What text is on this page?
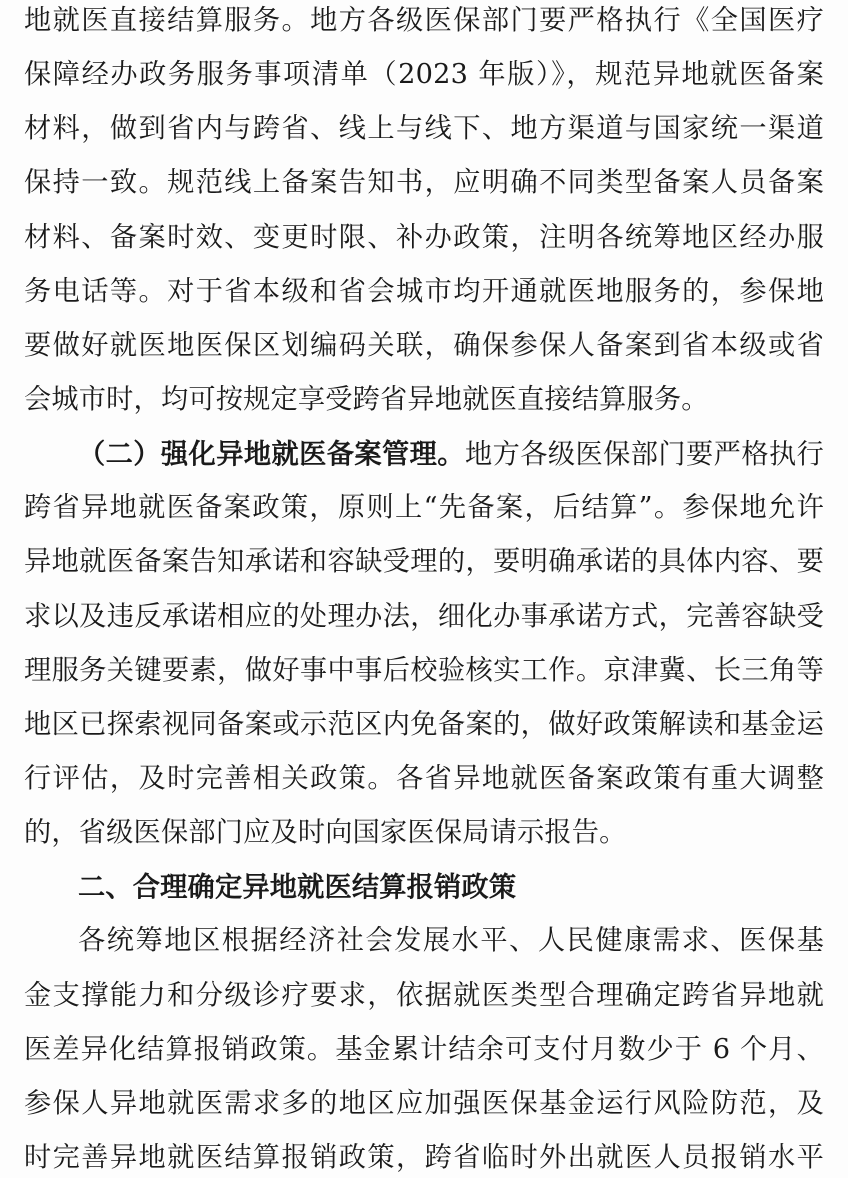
地就医直接结算服务。地方各级医保部门要严格执行《全国医疗
保障经办政务服务事项清单（2023 年版）》，规范异地就医备案
材料，做到省内与跨省、线上与线下、地方渠道与国家统一渠道
保持一致。规范线上备案告知书，应明确不同类型备案人员备案
材料、备案时效、变更时限、补办政策，注明各统筹地区经办服
务电话等。对于省本级和省会城市均开通就医地服务的，参保地
要做好就医地医保区划编码关联，确保参保人备案到省本级或省
会城市时，均可按规定享受跨省异地就医直接结算服务。
（二）强化异地就医备案管理。地方各级医保部门要严格执行
跨省异地就医备案政策，原则上“先备案，后结算”。参保地允许
异地就医备案告知承诺和容缺受理的，要明确承诺的具体内容、要
求以及违反承诺相应的处理办法，细化办事承诺方式，完善容缺受
理服务关键要素，做好事中事后校验核实工作。京津冀、长三角等
地区已探索视同备案或示范区内免备案的，做好政策解读和基金运
行评估，及时完善相关政策。各省异地就医备案政策有重大调整
的，省级医保部门应及时向国家医保局请示报告。
二、合理确定异地就医结算报销政策
各统筹地区根据经济社会发展水平、人民健康需求、医保基
金支撑能力和分级诊疗要求，依据就医类型合理确定跨省异地就
医差异化结算报销政策。基金累计结余可支付月数少于 6 个月、
参保人异地就医需求多的地区应加强医保基金运行风险防范，及
时完善异地就医结算报销政策，跨省临时外出就医人员报销水平
